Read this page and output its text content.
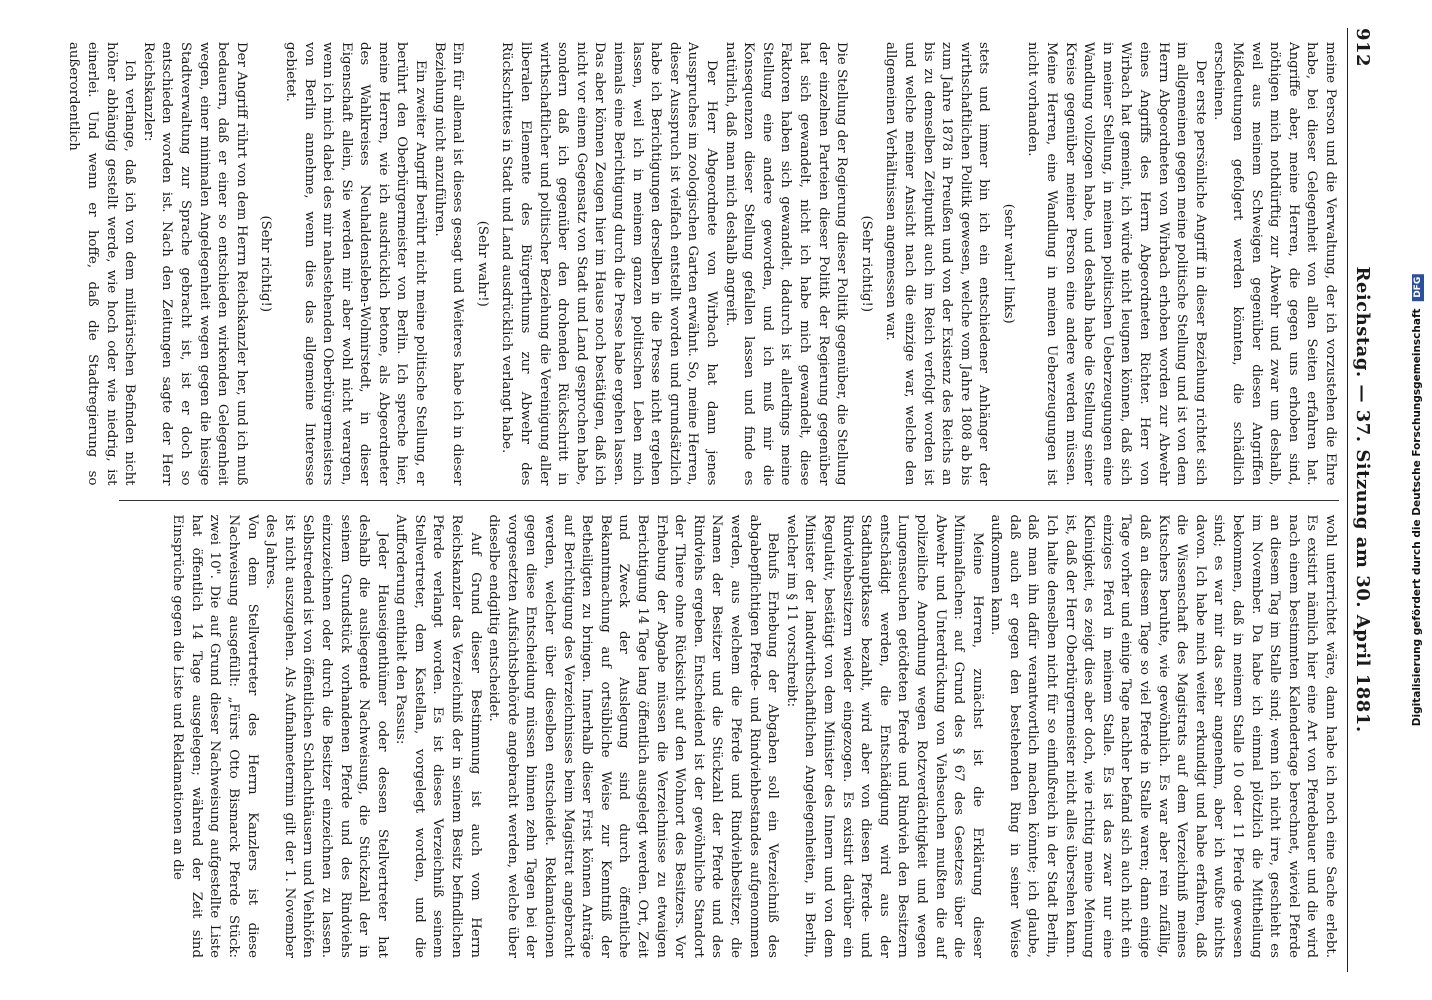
912
Reichstag. — 37. Sitzung am 30. April 1881.

meine Person und die Verwaltung, der ich vorzustehen die Ehre habe, bei dieser Gelegenheit von allen Seiten erfahren hat. Angriffe aber, meine Herren, die gegen uns erhoben sind, nöthigen mich nothdürftig zur Abwehr und zwar um deshalb, weil aus meinem Schweigen gegenüber diesen Angriffen Mißdeutungen gefolgert werden könnten, die schädlich erscheinen.

Der erste persönliche Angriff in dieser Beziehung richtet sich im allgemeinen gegen meine politische Stellung und ist von dem Herrn Abgeordneten von Wirbach erhoben worden zur Abwehr eines Angriffs des Herrn Abgeordneten Richter. Herr von Wirbach hat gemeint, ich würde nicht leugnen können, daß sich in meiner Stellung, in meinen politischen Ueberzeugungen eine Wandlung vollzogen habe, und deshalb habe die Stellung seiner Kreise gegenüber meiner Person eine andere werden müssen. Meine Herren, eine Wandlung in meinen Ueberzeugungen ist nicht vorhanden.

(sehr wahr! links)

stets und immer bin ich ein entschiedener Anhänger der wirthschaftlichen Politik gewesen, welche vom Jahre 1808 ab bis zum Jahre 1878 in Preußen und von der Existenz des Reichs an bis zu demselben Zeitpunkt auch im Reich verfolgt worden ist und welche meiner Ansicht nach die einzige war, welche den allgemeinen Verhältnissen angemessen war.

(Sehr richtig!)

Die Stellung der Regierung dieser Politik gegenüber, die Stellung der einzelnen Parteien dieser Politik der Regierung gegenüber hat sich gewandelt, nicht ich habe mich gewandelt, diese Faktoren haben sich gewandelt, dadurch ist allerdings meine Stellung eine andere geworden, und ich muß mir die Konsequenzen dieser Stellung gefallen lassen und finde es natürlich, daß man mich deshalb angreift.

Der Herr Abgeordnete von Wirbach hat dann jenes Ausspruches im zoologischen Garten erwähnt. So, meine Herren, dieser Ausspruch ist vielfach entstellt worden und grundsätzlich habe ich Berichtigungen derselben in die Presse nicht ergehen lassen, weil ich in meinem ganzen politischen Leben mich niemals eine Berichtigung durch die Presse habe ergehen lassen. Das aber können Zeugen hier im Hause noch bestätigen, daß ich nicht vor einem Gegensatz von Stadt und Land gesprochen habe, sondern daß ich gegenüber den drohenden Rückschritt in wirthschaftlicher und politischer Beziehung die Vereinigung aller liberalen Elemente des Bürgerthums zur Abwehr des Rückschrittes in Stadt und Land ausdrücklich verlangt habe.

(Sehr wahr!)

Ein für allemal ist dieses gesagt und Weiteres habe ich in dieser Beziehung nicht anzuführen.

Ein zweiter Angriff berührt nicht meine politische Stellung, er berührt den Oberbürgermeister von Berlin. Ich spreche hier, meine Herren, wie ich ausdrücklich betone, als Abgeordneter des Wahlkreises Neuhaldensleben-Wolmirstedt, in dieser Eigenschaft allein, Sie werden mir aber wohl nicht verargen, wenn ich mich dabei des mir nahestehenden Oberbürgermeisters von Berlin annehme, wenn dies das allgemeine Interesse gebietet.

(Sehr richtig!)

Der Angriff rührt von dem Herrn Reichskanzler her, und ich muß bedauern, daß er einer so entschieden wirkenden Gelegenheit wegen, einer minimalen Angelegenheit wegen gegen die hiesige Stadtverwaltung zur Sprache gebracht ist, ist er doch so entschieden worden ist. Nach den Zeitungen sagte der Herr Reichskanzler:

Ich verlange, daß ich von dem militärischen Befinden nicht höher abhängig gestellt werde, wie hoch oder wie niedrig, ist einerlei. Und wenn er hoffe, daß die Stadtregierung so außerordentlich

wohl unterrichtet wäre, dann habe ich noch eine Sache erlebt. Es existirt nämlich hier eine Art von Pferdebauer und die wird nach einem bestimmten Kalendertage berechnet, wieviel Pferde an diesem Tag im Stalle sind; wenn ich nicht irre, geschieht es im November. Da habe ich einmal plötzlich die Mittheilung bekommen, daß in meinem Stalle 10 oder 11 Pferde gewesen sind; es war mir das sehr angenehm, aber ich wußte nichts davon. Ich habe mich weiter erkundigt und habe erfahren, daß die Wissenschaft des Magistrats auf dem Verzeichniß meines Kutschers beruhte, wie gewöhnlich. Es war aber rein zufällig, daß an diesem Tage so viel Pferde in Stalle waren; dann einige Tage vorher und einige Tage nachher befand sich auch nicht ein einziges Pferd in meinem Stalle. Es ist das zwar nur eine Kleinigkeit, es zeigt dies aber doch, wie richtig meine Meinung ist, daß der Herr Oberbürgermeister nicht alles übersehen kann. Ich halte denselben nicht für so einflußreich in der Stadt Berlin, daß man ihn dafür verantwortlich machen könnte; ich glaube, daß auch er gegen den bestehenden Ring in seiner Weise aufkommen kann.

Meine Herren, zunächst ist die Erklärung dieser Minimalfachen: auf Grund des § 67 des Gesetzes über die Abwehr und Unterdrückung von Viehseuchen mußten die auf polizeiliche Anordnung wegen Rotzverdächtigkeit und wegen Lungenseuchen getödteten Pferde und Rindvieh den Besitzern entschädigt werden, die Entschädigung wird aus der Stadthauptkasse bezahlt, wird aber von diesen Pferde- und Rindviehbesitzern wieder eingezogen. Es existirt darüber ein Regulativ, bestätigt von dem Minister des Innern und von dem Minister der landwirthschaftlichen Angelegenheiten, in Berlin, welcher im § 11 vorschreibt:

Behufs Erhebung der Abgaben soll ein Verzeichniß des abgabepflichtigen Pferde- und Rindviehbestandes aufgenommen werden, aus welchem die Pferde und Rindviehbesitzer, die Namen der Besitzer und die Stückzahl der Pferde und des Rindviehs ergeben. Entscheidend ist der gewöhnliche Standort der Thiere ohne Rücksicht auf den Wohnort des Besitzers. Vor Erhebung der Abgabe müssen die Verzeichnisse zu etwaigen Berichtigung 14 Tage lang öffentlich ausgelegt werden. Ort, Zeit und Zweck der Auslegung sind durch öffentliche Bekanntmachung auf ortsübliche Weise zur Kenntniß der Betheiligten zu bringen. Innerhalb dieser Frist können Anträge auf Berichtigung des Verzeichnisses beim Magistrat angebracht werden, welcher über dieselben entscheidet. Reklamationen gegen diese Entscheidung müssen binnen zehn Tagen bei der vorgesetzten Aufsichtsbehörde angebracht werden, welche über dieselbe endgiltig entscheidet.

Auf Grund dieser Bestimmung ist auch vom Herrn Reichskanzler das Verzeichniß der in seinem Besitz befindlichen Pferde verlangt worden. Es ist dieses Verzeichniß seinem Stellvertreter, dem Kastellan, vorgelegt worden, und die Aufforderung enthielt den Passus:

Jeder Hauseigenthümer oder dessen Stellvertreter hat deshalb die ausliegende Nachweisung, die Stückzahl der in seinem Grundstück vorhandenen Pferde und des Rindviehs einzuzeichnen oder durch die Besitzer einzeichnen zu lassen. Selbstredend ist von öffentlichen Schlachthäusern und Viehhöfen ist nicht auszugehen. Als Aufnahmetermin gilt der 1. November des Jahres.

Von dem Stellvertreter des Herrn Kanzlers ist diese Nachweisung ausgefüllt: „Fürst Otto Bismarck Pferde Stück: zwei 10". Die auf Grund dieser Nachweisung aufgestellte Liste hat öffentlich 14 Tage ausgelegen; während der Zeit sind Einsprüche gegen die Liste und Reklamationen an die	Digitalisierung gefördert durch die Deutsche Forschungsgemeinschaft DFG
